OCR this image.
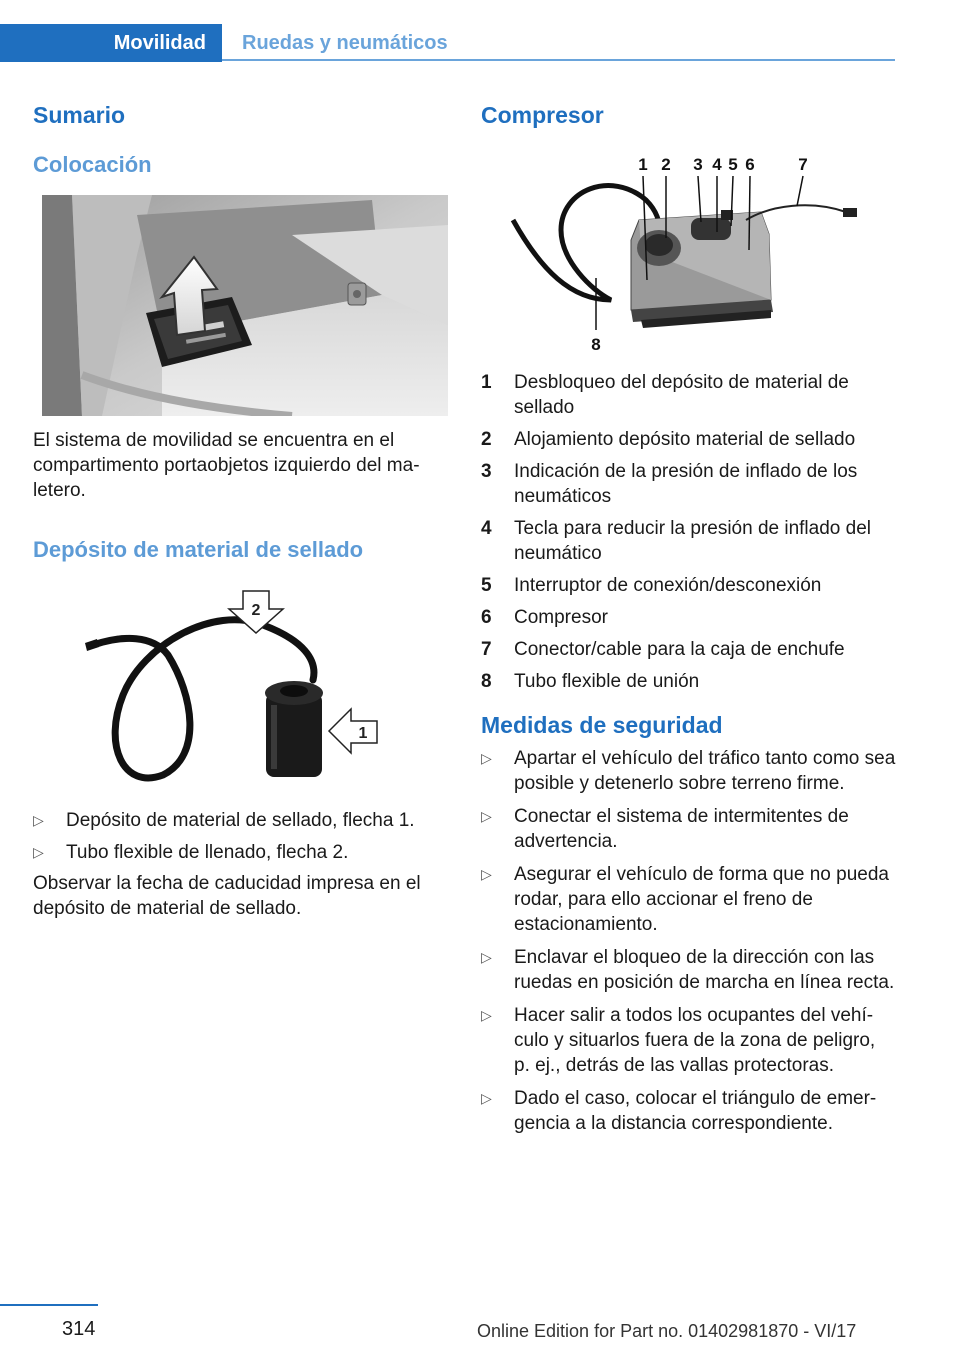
Movilidad	Ruedas y neumáticos
Sumario
Colocación

El sistema de movilidad se encuentra en el compartimento portaobjetos izquierdo del maletero.

Depósito de material de sellado
2
1
▷ Depósito de material de sellado, flecha 1.
▷ Tubo flexible de llenado, flecha 2.

Observar la fecha de caducidad impresa en el depósito de material de sellado.

Compresor
1 2 3 4 5 6	7
8
1 Desbloqueo del depósito de material de sellado
2 Alojamiento depósito material de sellado
3 Indicación de la presión de inflado de los neumáticos
4 Tecla para reducir la presión de inflado del neumático
5 Interruptor de conexión/desconexión
6 Compresor
7 Conector/cable para la caja de enchufe
8 Tubo flexible de unión
Medidas de seguridad
▷ Apartar el vehículo del tráfico tanto como sea posible y detenerlo sobre terreno firme.
▷ Conectar el sistema de intermitentes de advertencia.
▷ Asegurar el vehículo de forma que no pueda rodar, para ello accionar el freno de estacionamiento.
▷ Enclavar el bloqueo de la dirección con las ruedas en posición de marcha en línea recta.
▷ Hacer salir a todos los ocupantes del vehículo y situarlos fuera de la zona de peligro, p. ej., detrás de las vallas protectoras.
▷ Dado el caso, colocar el triángulo de emergencia a la distancia correspondiente.
314	Online Edition for Part no. 01402981870 - VI/17
